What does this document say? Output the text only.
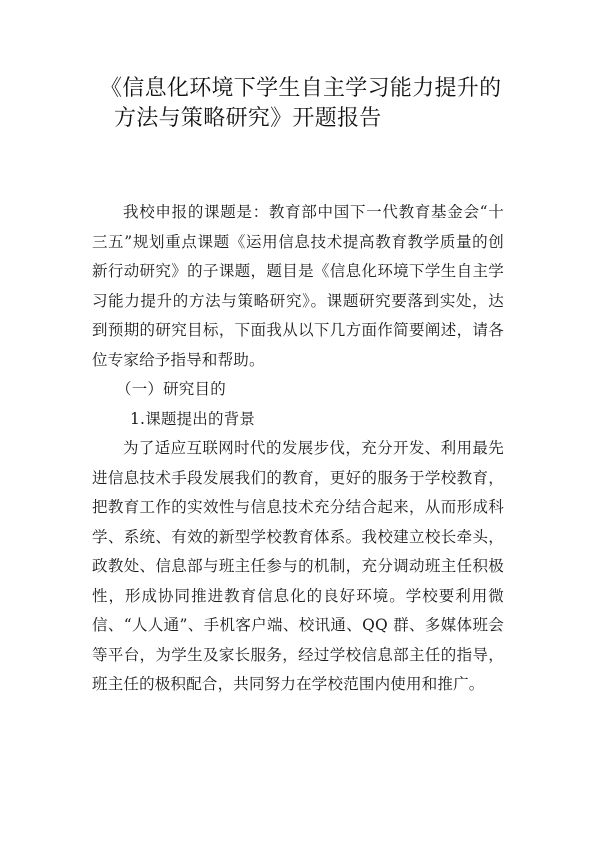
《信息化环境下学生自主学习能力提升的
方法与策略研究》开题报告

我校申报的课题是：教育部中国下一代教育基金会“十三五”规划重点课题《运用信息技术提高教育教学质量的创新行动研究》的子课题，题目是《信息化环境下学生自主学习能力提升的方法与策略研究》。课题研究要落到实处，达到预期的研究目标，下面我从以下几方面作简要阐述，请各位专家给予指导和帮助。

（一）研究目的

1.课题提出的背景

为了适应互联网时代的发展步伐，充分开发、利用最先进信息技术手段发展我们的教育，更好的服务于学校教育，把教育工作的实效性与信息技术充分结合起来，从而形成科学、系统、有效的新型学校教育体系。我校建立校长牵头，政教处、信息部与班主任参与的机制，充分调动班主任积极性，形成协同推进教育信息化的良好环境。学校要利用微信、“人人通”、手机客户端、校讯通、QQ 群、多媒体班会等平台，为学生及家长服务，经过学校信息部主任的指导，班主任的极积配合，共同努力在学校范围内使用和推广。
